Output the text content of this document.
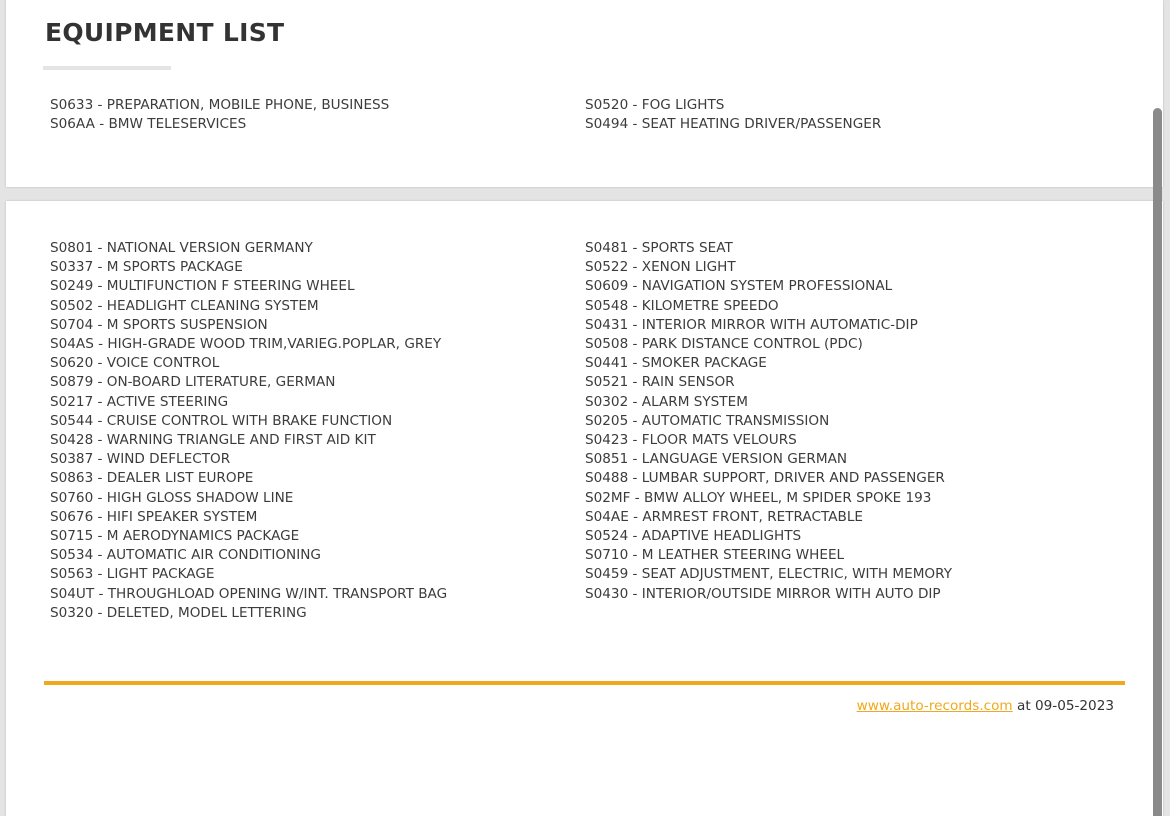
EQUIPMENT LIST
S0633 - PREPARATION, MOBILE PHONE, BUSINESS
S06AA - BMW TELESERVICES
S0520 - FOG LIGHTS
S0494 - SEAT HEATING DRIVER/PASSENGER
S0801 - NATIONAL VERSION GERMANY
S0337 - M SPORTS PACKAGE
S0249 - MULTIFUNCTION F STEERING WHEEL
S0502 - HEADLIGHT CLEANING SYSTEM
S0704 - M SPORTS SUSPENSION
S04AS - HIGH-GRADE WOOD TRIM,VARIEG.POPLAR, GREY
S0620 - VOICE CONTROL
S0879 - ON-BOARD LITERATURE, GERMAN
S0217 - ACTIVE STEERING
S0544 - CRUISE CONTROL WITH BRAKE FUNCTION
S0428 - WARNING TRIANGLE AND FIRST AID KIT
S0387 - WIND DEFLECTOR
S0863 - DEALER LIST EUROPE
S0760 - HIGH GLOSS SHADOW LINE
S0676 - HIFI SPEAKER SYSTEM
S0715 - M AERODYNAMICS PACKAGE
S0534 - AUTOMATIC AIR CONDITIONING
S0563 - LIGHT PACKAGE
S04UT - THROUGHLOAD OPENING W/INT. TRANSPORT BAG
S0320 - DELETED, MODEL LETTERING
S0481 - SPORTS SEAT
S0522 - XENON LIGHT
S0609 - NAVIGATION SYSTEM PROFESSIONAL
S0548 - KILOMETRE SPEEDO
S0431 - INTERIOR MIRROR WITH AUTOMATIC-DIP
S0508 - PARK DISTANCE CONTROL (PDC)
S0441 - SMOKER PACKAGE
S0521 - RAIN SENSOR
S0302 - ALARM SYSTEM
S0205 - AUTOMATIC TRANSMISSION
S0423 - FLOOR MATS VELOURS
S0851 - LANGUAGE VERSION GERMAN
S0488 - LUMBAR SUPPORT, DRIVER AND PASSENGER
S02MF - BMW ALLOY WHEEL, M SPIDER SPOKE 193
S04AE - ARMREST FRONT, RETRACTABLE
S0524 - ADAPTIVE HEADLIGHTS
S0710 - M LEATHER STEERING WHEEL
S0459 - SEAT ADJUSTMENT, ELECTRIC, WITH MEMORY
S0430 - INTERIOR/OUTSIDE MIRROR WITH AUTO DIP
www.auto-records.com at 09-05-2023
